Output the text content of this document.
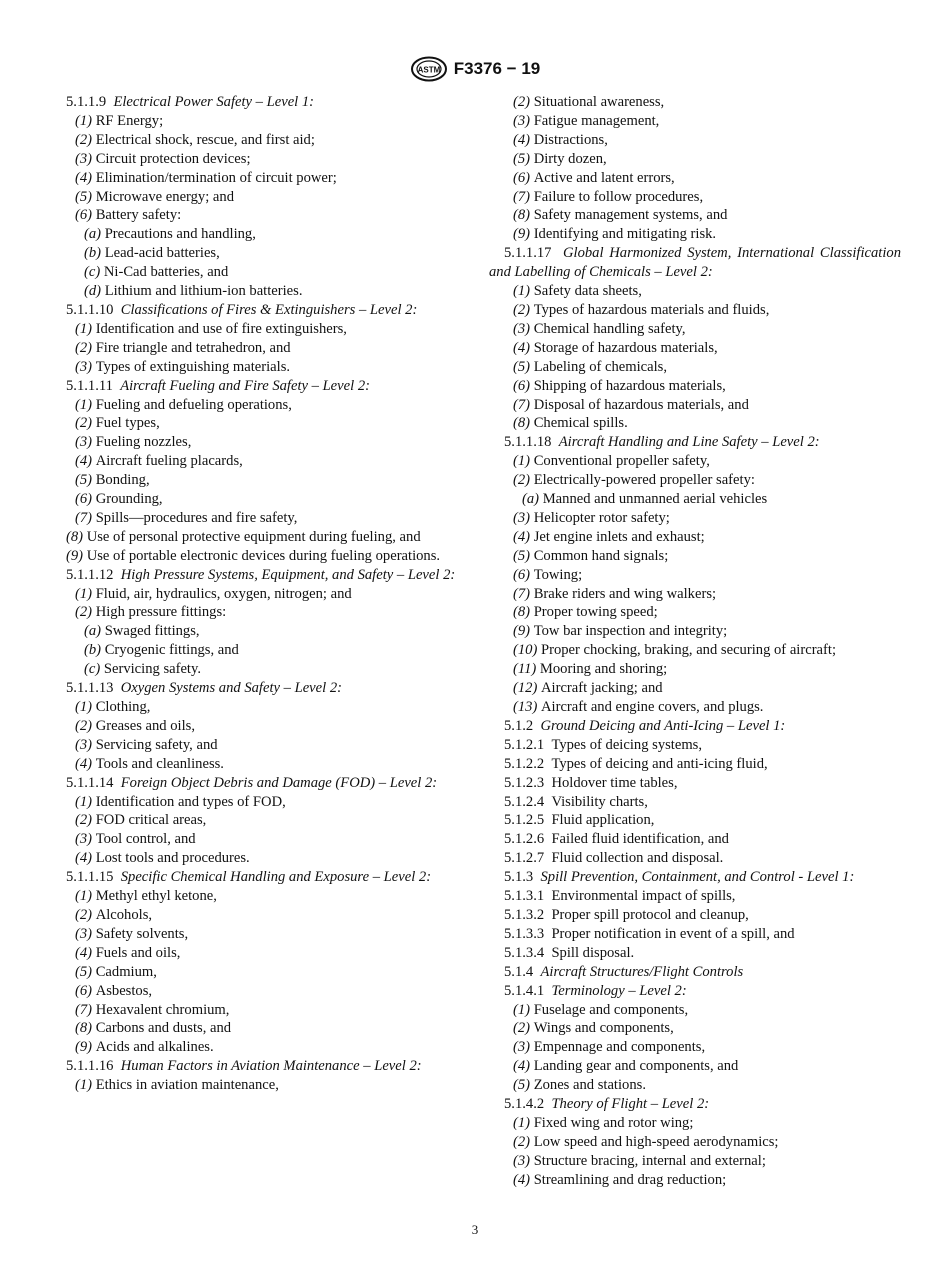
ASTM F3376 − 19
5.1.1.9 Electrical Power Safety – Level 1:
(1) RF Energy;
(2) Electrical shock, rescue, and first aid;
(3) Circuit protection devices;
(4) Elimination/termination of circuit power;
(5) Microwave energy; and
(6) Battery safety:
(a) Precautions and handling,
(b) Lead-acid batteries,
(c) Ni-Cad batteries, and
(d) Lithium and lithium-ion batteries.
5.1.1.10 Classifications of Fires & Extinguishers – Level 2:
(1) Identification and use of fire extinguishers,
(2) Fire triangle and tetrahedron, and
(3) Types of extinguishing materials.
5.1.1.11 Aircraft Fueling and Fire Safety – Level 2:
(1) Fueling and defueling operations,
(2) Fuel types,
(3) Fueling nozzles,
(4) Aircraft fueling placards,
(5) Bonding,
(6) Grounding,
(7) Spills—procedures and fire safety,
(8) Use of personal protective equipment during fueling, and
(9) Use of portable electronic devices during fueling operations.
5.1.1.12 High Pressure Systems, Equipment, and Safety – Level 2:
(1) Fluid, air, hydraulics, oxygen, nitrogen; and
(2) High pressure fittings:
(a) Swaged fittings,
(b) Cryogenic fittings, and
(c) Servicing safety.
5.1.1.13 Oxygen Systems and Safety – Level 2:
(1) Clothing,
(2) Greases and oils,
(3) Servicing safety, and
(4) Tools and cleanliness.
5.1.1.14 Foreign Object Debris and Damage (FOD) – Level 2:
(1) Identification and types of FOD,
(2) FOD critical areas,
(3) Tool control, and
(4) Lost tools and procedures.
5.1.1.15 Specific Chemical Handling and Exposure – Level 2:
(1) Methyl ethyl ketone,
(2) Alcohols,
(3) Safety solvents,
(4) Fuels and oils,
(5) Cadmium,
(6) Asbestos,
(7) Hexavalent chromium,
(8) Carbons and dusts, and
(9) Acids and alkalines.
5.1.1.16 Human Factors in Aviation Maintenance – Level 2:
(1) Ethics in aviation maintenance,
(2) Situational awareness,
(3) Fatigue management,
(4) Distractions,
(5) Dirty dozen,
(6) Active and latent errors,
(7) Failure to follow procedures,
(8) Safety management systems, and
(9) Identifying and mitigating risk.
5.1.1.17 Global Harmonized System, International Classification and Labelling of Chemicals – Level 2:
(1) Safety data sheets,
(2) Types of hazardous materials and fluids,
(3) Chemical handling safety,
(4) Storage of hazardous materials,
(5) Labeling of chemicals,
(6) Shipping of hazardous materials,
(7) Disposal of hazardous materials, and
(8) Chemical spills.
5.1.1.18 Aircraft Handling and Line Safety – Level 2:
(1) Conventional propeller safety,
(2) Electrically-powered propeller safety:
(a) Manned and unmanned aerial vehicles
(3) Helicopter rotor safety;
(4) Jet engine inlets and exhaust;
(5) Common hand signals;
(6) Towing;
(7) Brake riders and wing walkers;
(8) Proper towing speed;
(9) Tow bar inspection and integrity;
(10) Proper chocking, braking, and securing of aircraft;
(11) Mooring and shoring;
(12) Aircraft jacking; and
(13) Aircraft and engine covers, and plugs.
5.1.2 Ground Deicing and Anti-Icing – Level 1:
5.1.2.1 Types of deicing systems,
5.1.2.2 Types of deicing and anti-icing fluid,
5.1.2.3 Holdover time tables,
5.1.2.4 Visibility charts,
5.1.2.5 Fluid application,
5.1.2.6 Failed fluid identification, and
5.1.2.7 Fluid collection and disposal.
5.1.3 Spill Prevention, Containment, and Control - Level 1:
5.1.3.1 Environmental impact of spills,
5.1.3.2 Proper spill protocol and cleanup,
5.1.3.3 Proper notification in event of a spill, and
5.1.3.4 Spill disposal.
5.1.4 Aircraft Structures/Flight Controls
5.1.4.1 Terminology – Level 2:
(1) Fuselage and components,
(2) Wings and components,
(3) Empennage and components,
(4) Landing gear and components, and
(5) Zones and stations.
5.1.4.2 Theory of Flight – Level 2:
(1) Fixed wing and rotor wing;
(2) Low speed and high-speed aerodynamics;
(3) Structure bracing, internal and external;
(4) Streamlining and drag reduction;
3
